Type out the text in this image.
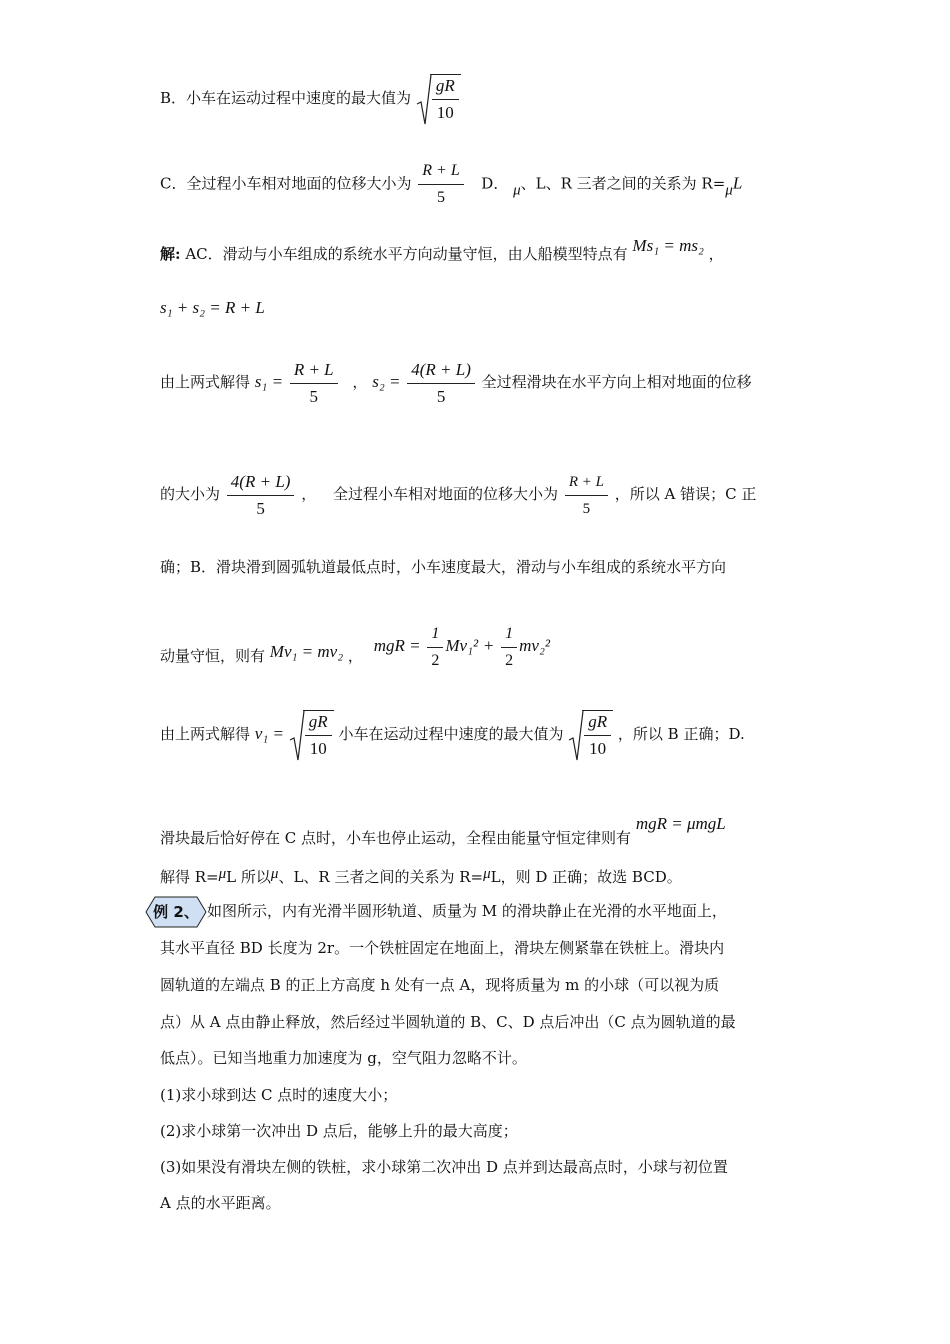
B．小车在运动过程中速度的最大值为 $\frac{gR}{10}$
C．全过程小车相对地面的位移大小为 $\frac{R + L}{5}$ D． μ、L、R 三者之间的关系为 R=μL
解: AC．滑动与小车组成的系统水平方向动量守恒，由人船模型特点有 Ms₁ = ms₂ ，
s₁ + s₂ = R + L
由上两式解得 $s_1 = \frac{R + L}{5}$ ， $s_2 = \frac{4(R + L)}{5}$ 全过程滑块在水平方向上相对地面的位移
的大小为 $\frac{4(R + L)}{5}$ ， 全过程小车相对地面的位移大小为 $\frac{R + L}{5}$ ，所以 A 错误；C 正
确；B．滑块滑到圆弧轨道最低点时，小车速度最大，滑动与小车组成的系统水平方向
动量守恒，则有 Mv₁ = mv₂ ， mgR = $\frac{1}{2} Mv_1^2 + \frac{1}{2} mv_2^2$
由上两式解得 $v_1 = \frac{gR}{10}$ 小车在运动过程中速度的最大值为 $\frac{gR}{10}$ ，所以 B 正确；D.
滑块最后恰好停在 C 点时，小车也停止运动，全程由能量守恒定律则有 mgR = μmgL
解得 R=μL 所以μ、L、R 三者之间的关系为 R=μL，则 D 正确；故选 BCD。
例 2、 如图所示，内有光滑半圆形轨道、质量为 M 的滑块静止在光滑的水平地面上，
其水平直径 BD 长度为 2r。一个铁桩固定在地面上，滑块左侧紧靠在铁桩上。滑块内
圆轨道的左端点 B 的正上方高度 h 处有一点 A，现将质量为 m 的小球（可以视为质
点）从 A 点由静止释放，然后经过半圆轨道的 B、C、D 点后冲出（C 点为圆轨道的最
低点）。已知当地重力加速度为 g，空气阻力忽略不计。
(1)求小球到达 C 点时的速度大小；
(2)求小球第一次冲出 D 点后，能够上升的最大高度；
(3)如果没有滑块左侧的铁桩，求小球第二次冲出 D 点并到达最高点时，小球与初位置
A 点的水平距离。
